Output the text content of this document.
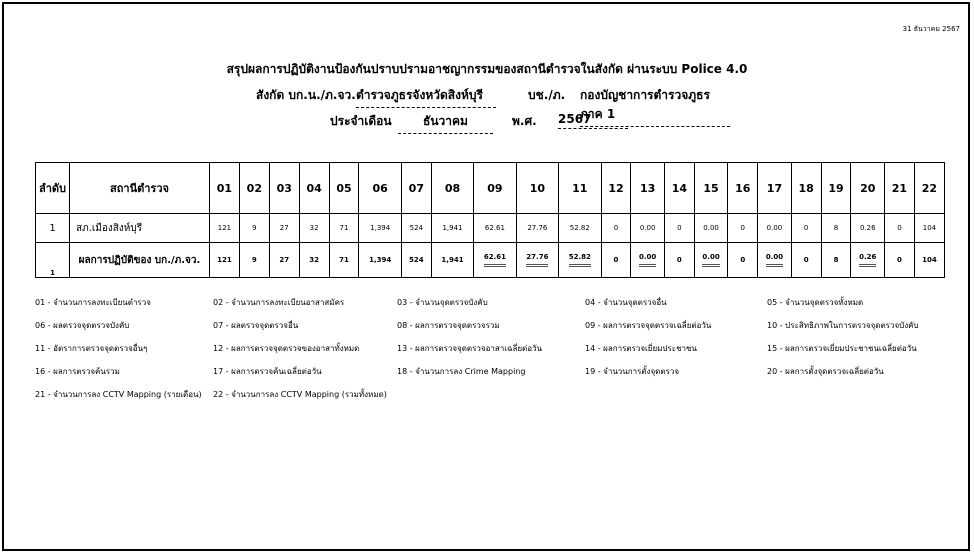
31 ธันวาคม 2567
สรุปผลการปฏิบัติงานป้องกันปราบปรามอาชญากรรมของสถานีตำรวจในสังกัด ผ่านระบบ Police 4.0
สังกัด บก.น./ภ.จว. ตำรวจภูธรจังหวัดสิงห์บุรี	บช./ภ. กองบัญชาการตำรวจภูธร ภาค 1
ประจำเดือน	ธันวาคม	พ.ศ. 2567
ลำดับ	สถานีตำรวจ	01	02	03	04	05	06	07	08	09	10	11	12	13	14	15	16	17	18	19	20	21	22
1	สภ.เมืองสิงห์บุรี	121	9	27	32	71	1,394	524	1,941	62.61	27.76	52.82	0	0.00	0	0.00	0	0.00	0	8	0.26	0	104
1	ผลการปฏิบัติของ บก./ภ.จว.	121	9	27	32	71	1,394	524	1,941	62.61	27.76	52.82	0	0.00	0	0.00	0	0.00	0	8	0.26	0	104
01 - จำนวนการลงทะเบียนตำรวจ	02 - จำนวนการลงทะเบียนอาสาสมัคร	03 - จำนวนจุดตรวจบังคับ	04 - จำนวนจุดตรวจอื่น	05 - จำนวนจุดตรวจทั้งหมด
06 - ผลตรวจจุดตรวจบังคับ	07 - ผลตรวจจุดตรวจอื่น	08 - ผลการตรวจจุดตรวจรวม	09 - ผลการตรวจจุดตรวจเฉลี่ยต่อวัน	10 - ประสิทธิภาพในการตรวจจุดตรวจบังคับ
11 - อัตราการตรวจจุดตรวจอื่นๆ	12 - ผลการตรวจจุดตรวจของอาสาทั้งหมด	13 - ผลการตรวจจุดตรวจอาสาเฉลี่ยต่อวัน	14 - ผลการตรวจเยี่ยมประชาชน	15 - ผลการตรวจเยี่ยมประชาชนเฉลี่ยต่อวัน
16 - ผลการตรวจค้นรวม	17 - ผลการตรวจค้นเฉลี่ยต่อวัน	18 - จำนวนการลง Crime Mapping	19 - จำนวนการตั้งจุดตรวจ	20 - ผลการตั้งจุดตรวจเฉลี่ยต่อวัน
21 - จำนวนการลง CCTV Mapping (รายเดือน) 22 - จำนวนการลง CCTV Mapping (รวมทั้งหมด)
